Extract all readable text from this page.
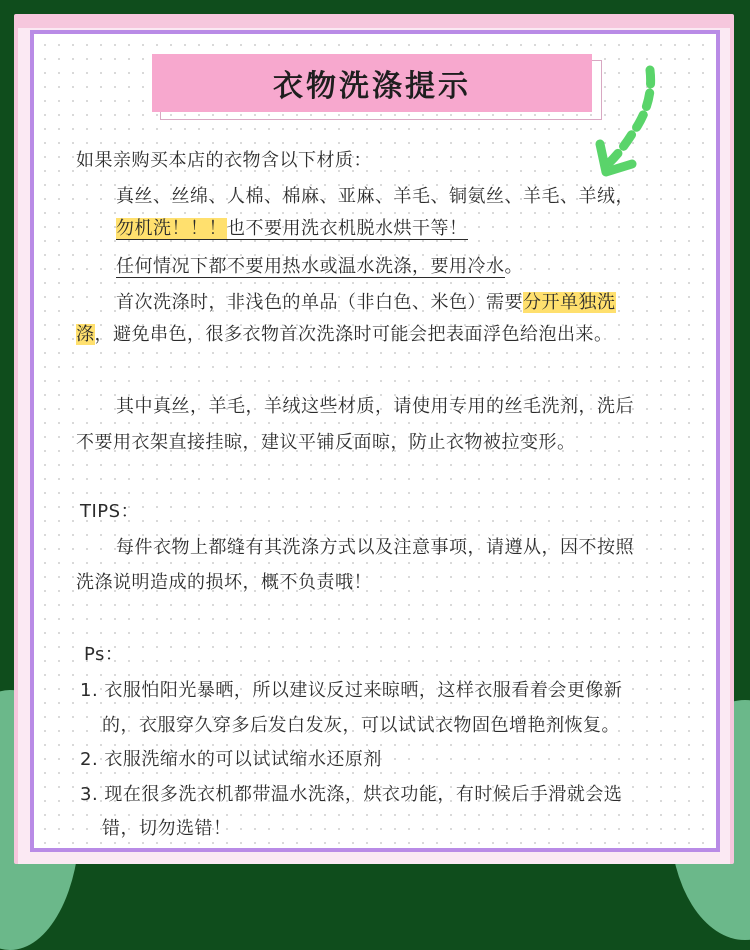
衣物洗涤提示
如果亲购买本店的衣物含以下材质：
真丝、丝绵、人棉、棉麻、亚麻、羊毛、铜氨丝、羊毛、羊绒，
勿机洗！！！也不要用洗衣机脱水烘干等！
任何情况下都不要用热水或温水洗涤，要用冷水。
首次洗涤时，非浅色的单品（非白色、米色）需要分开单独洗
涤，避免串色，很多衣物首次洗涤时可能会把表面浮色给泡出来。
其中真丝，羊毛，羊绒这些材质，请使用专用的丝毛洗剂，洗后
不要用衣架直接挂晾，建议平铺反面晾，防止衣物被拉变形。
TIPS：
每件衣物上都缝有其洗涤方式以及注意事项，请遵从，因不按照
洗涤说明造成的损坏，概不负责哦！
Ps：
1. 衣服怕阳光暴晒，所以建议反过来晾晒，这样衣服看着会更像新
的，衣服穿久穿多后发白发灰，可以试试衣物固色增艳剂恢复。
2. 衣服洗缩水的可以试试缩水还原剂
3. 现在很多洗衣机都带温水洗涤，烘衣功能，有时候后手滑就会选
错，切勿选错！
